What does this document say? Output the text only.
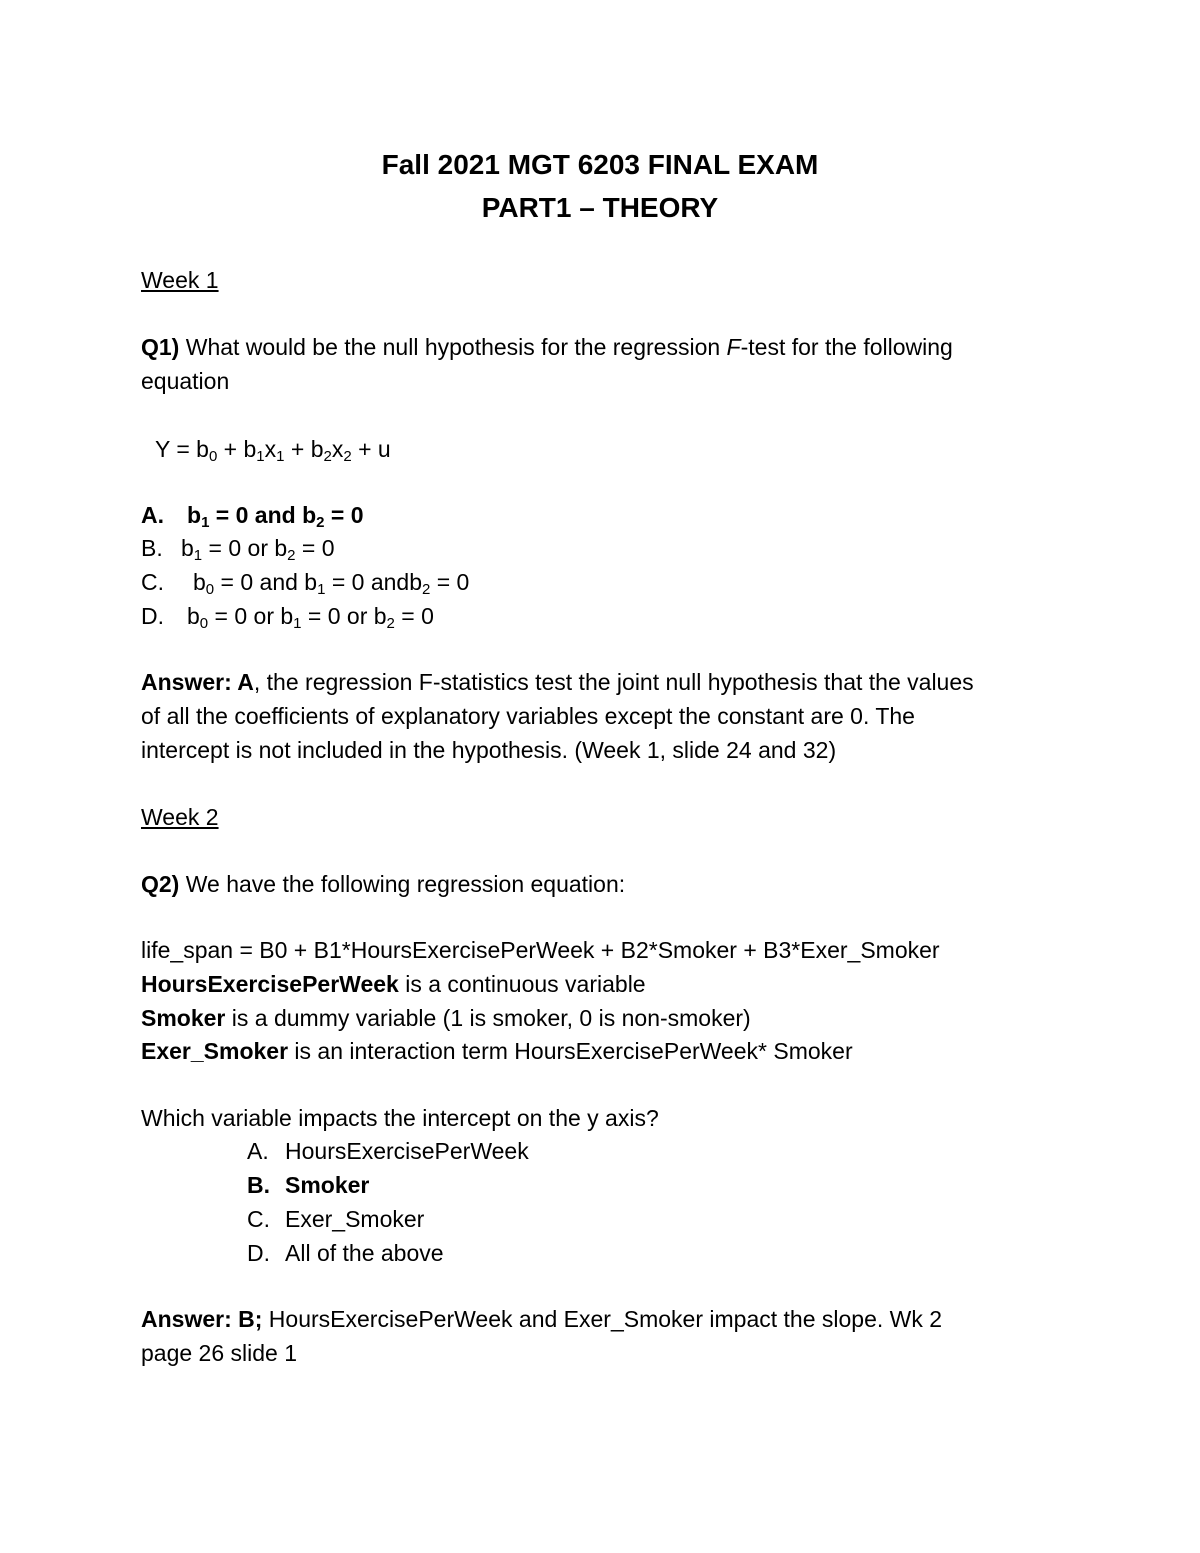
Fall 2021 MGT 6203 FINAL EXAM
PART1 – THEORY
Week 1
Q1) What would be the null hypothesis for the regression F-test for the following
equation
$Y = b_0 + b_1x_1 + b_2x_2 + u$
A. $b_1 = 0$ and $b_2 = 0$
B. $b_1 = 0$ or $b_2 = 0$
C. $b_0 = 0$ and $b_1 = 0$ andb$_2$ = 0
D. $b_0 = 0$ or $b_1 = 0$ or $b_2 = 0$
Answer: A, the regression F-statistics test the joint null hypothesis that the values
of all the coefficients of explanatory variables except the constant are 0. The
intercept is not included in the hypothesis. (Week 1, slide 24 and 32)
Week 2
Q2) We have the following regression equation:
life_span = B0 + B1*HoursExercisePerWeek + B2*Smoker + B3*Exer_Smoker
HoursExercisePerWeek is a continuous variable
Smoker is a dummy variable (1 is smoker, 0 is non-smoker)
Exer_Smoker is an interaction term HoursExercisePerWeek* Smoker
Which variable impacts the intercept on the y axis?
A. HoursExercisePerWeek
B. Smoker
C. Exer_Smoker
D. All of the above
Answer: B; HoursExercisePerWeek and Exer_Smoker impact the slope. Wk 2
page 26 slide 1
